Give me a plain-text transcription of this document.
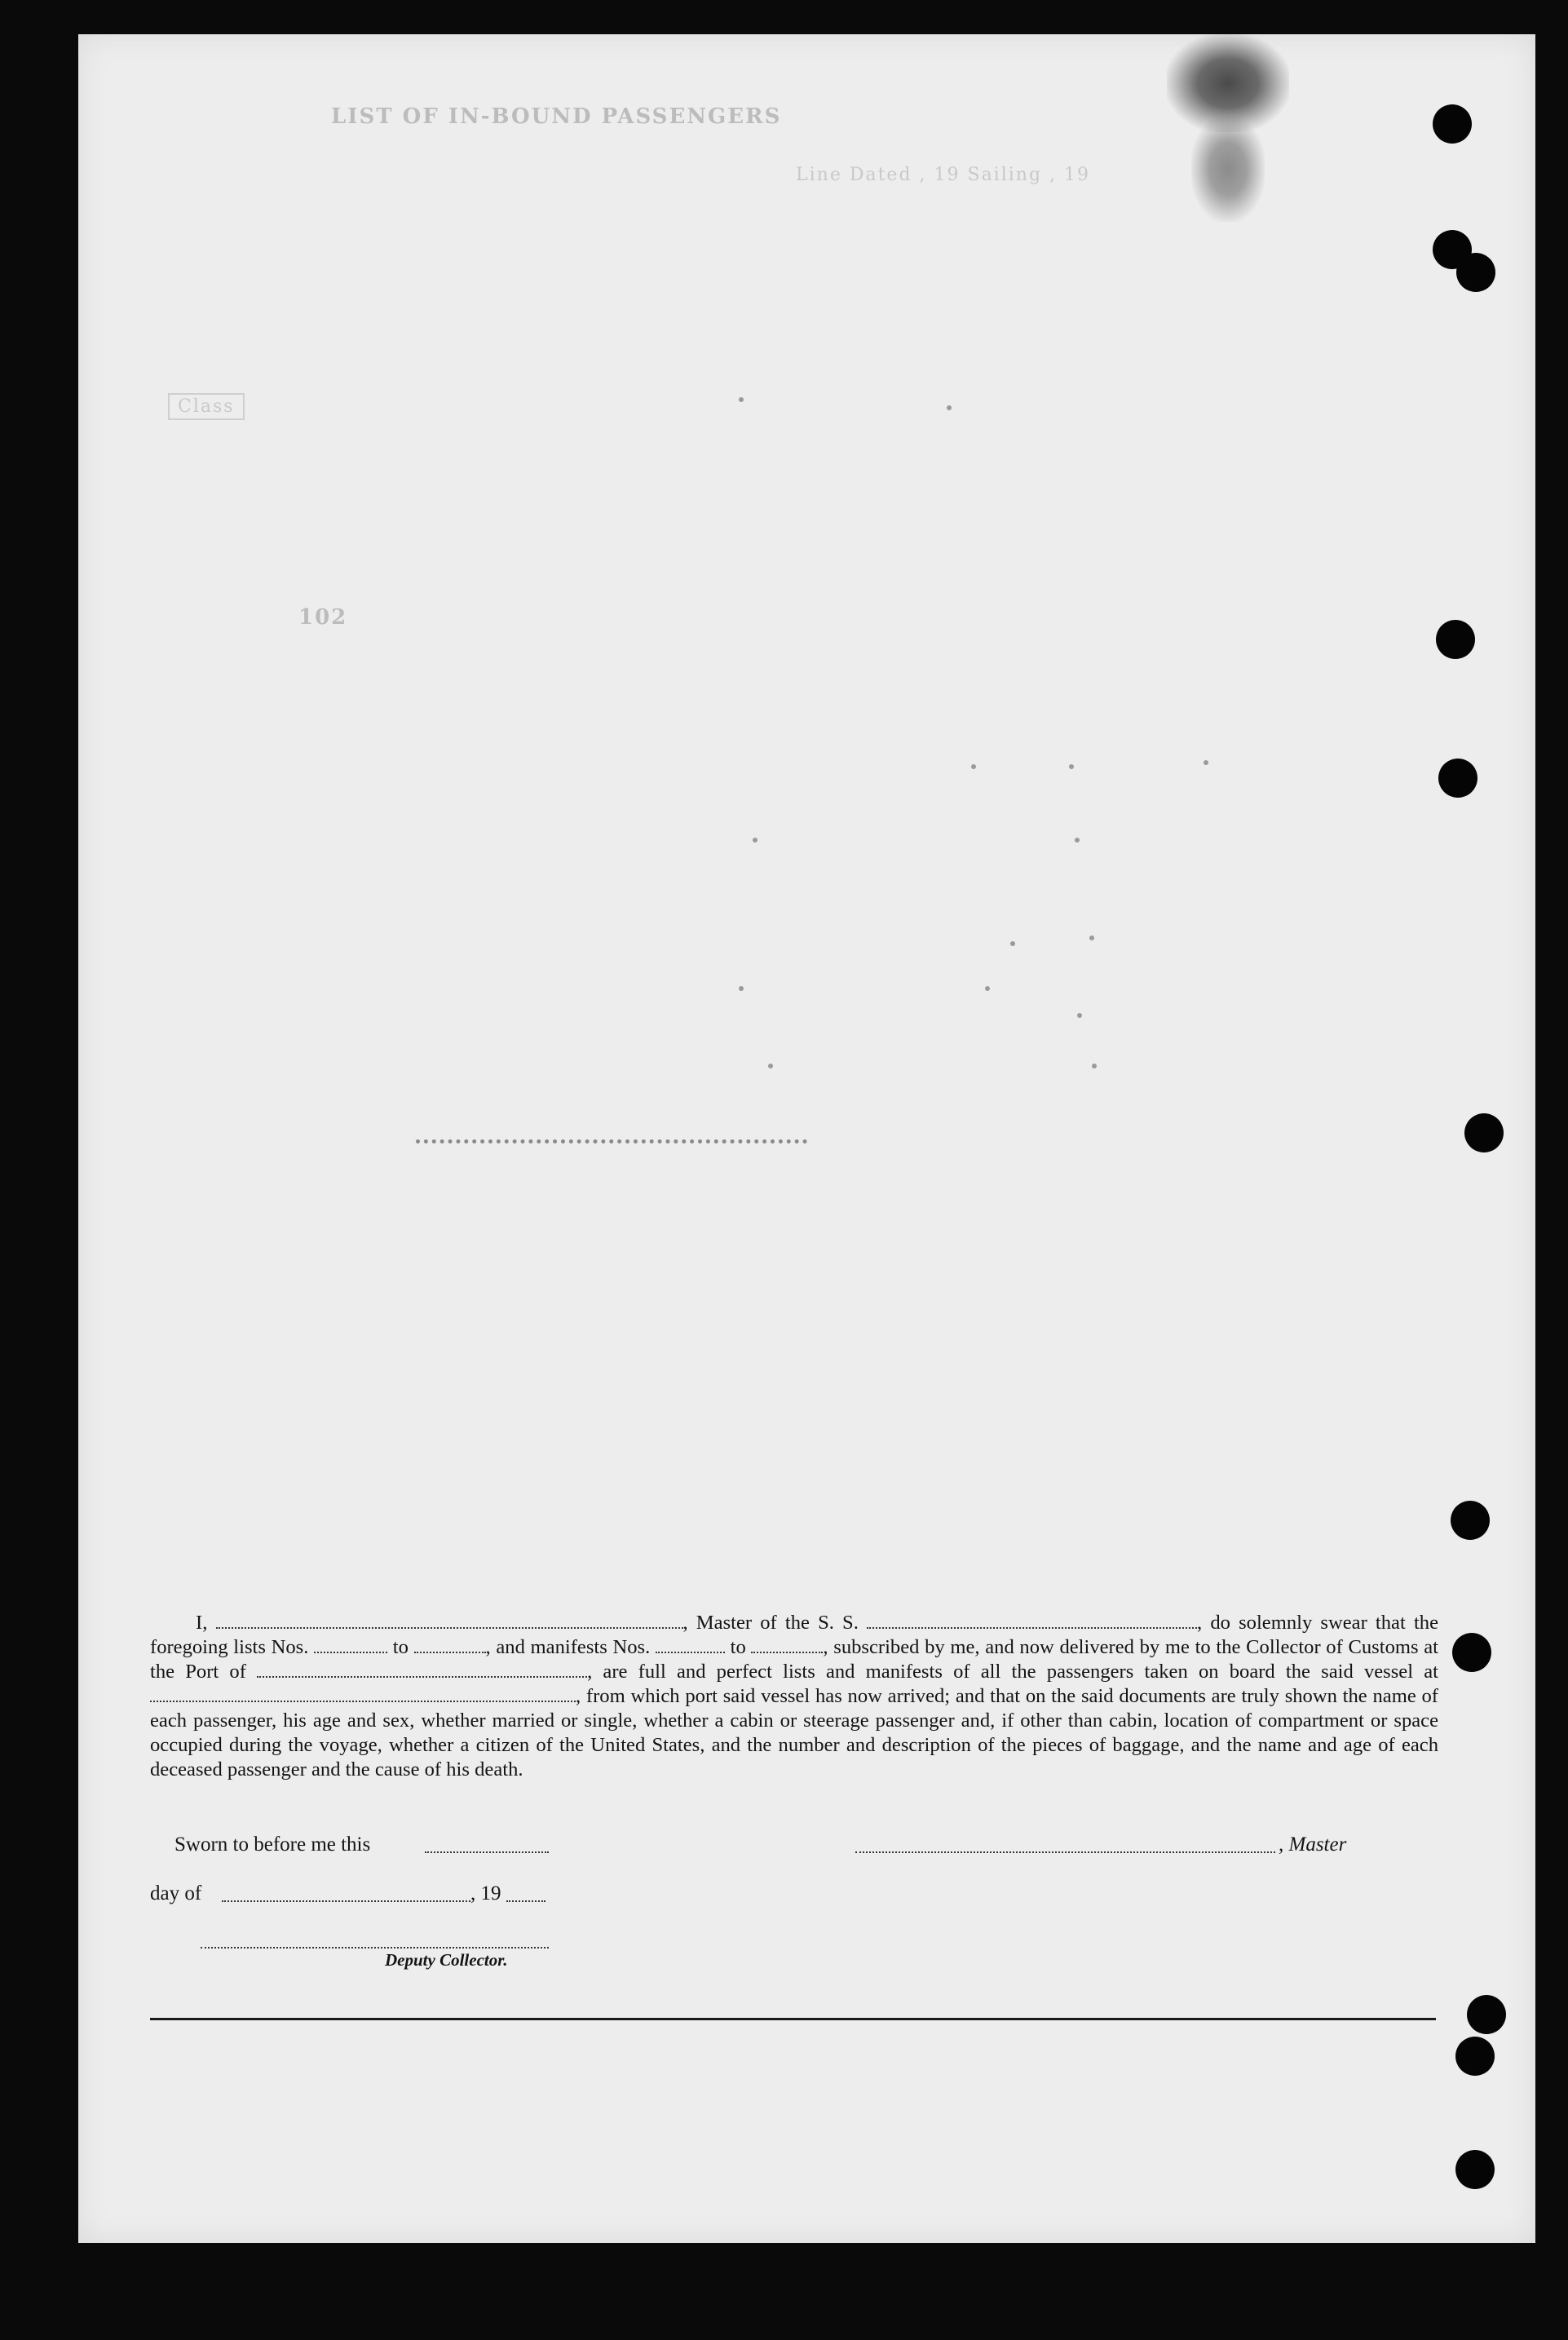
LIST OF IN-BOUND PASSENGERS
Line Dated , 19 Sailing , 19
Class
102
I,	, Master of the S. S.	, do solemnly swear that the foregoing lists Nos.	to	, and manifests Nos.	to	, subscribed by me, and now delivered by me to the Collector of Customs at the Port of	, are full and perfect lists and manifests of all the passengers taken on board the said vessel at , from which port said vessel has now arrived; and that on the said documents are truly shown the name of each passenger, his age and sex, whether married or single, whether a cabin or steerage passenger and, if other than cabin, location of compartment or space occupied during the voyage, whether a citizen of the United States, and the number and description of the pieces of baggage, and the name and age of each deceased passenger and the cause of his death.
Sworn to before me this	, Master
day of	, 19
Deputy Collector.
